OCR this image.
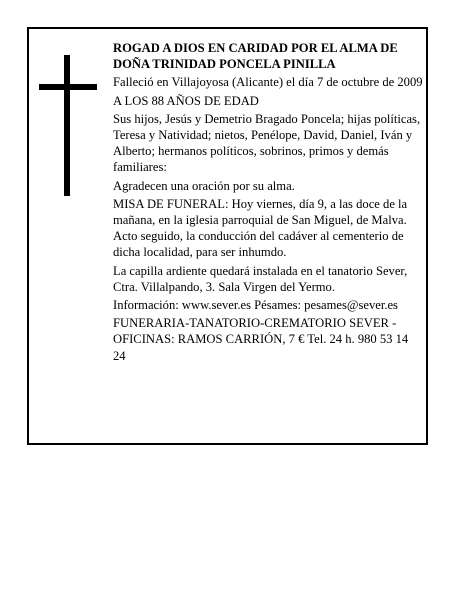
ROGAD A DIOS EN CARIDAD POR EL ALMA DE DOÑA TRINIDAD PONCELA PINILLA

Falleció en Villajoyosa (Alicante) el día 7 de octubre de 2009

A LOS 88 AÑOS DE EDAD

Sus hijos, Jesús y Demetrio Bragado Poncela; hijas políticas, Teresa y Natividad; nietos, Penélope, David, Daniel, Iván y Alberto; hermanos políticos, sobrinos, primos y demás familiares:

Agradecen una oración por su alma.

MISA DE FUNERAL: Hoy viernes, día 9, a las doce de la mañana, en la iglesia parroquial de San Miguel, de Malva. Acto seguido, la conducción del cadáver al cementerio de dicha localidad, para ser inhumdo.

La capilla ardiente quedará instalada en el tanatorio Sever, Ctra. Villalpando, 3. Sala Virgen del Yermo.

Información: www.sever.es Pésames: pesames@sever.es

FUNERARIA-TANATORIO-CREMATORIO SEVER - OFICINAS: RAMOS CARRIÓN, 7 € Tel. 24 h. 980 53 14 24
